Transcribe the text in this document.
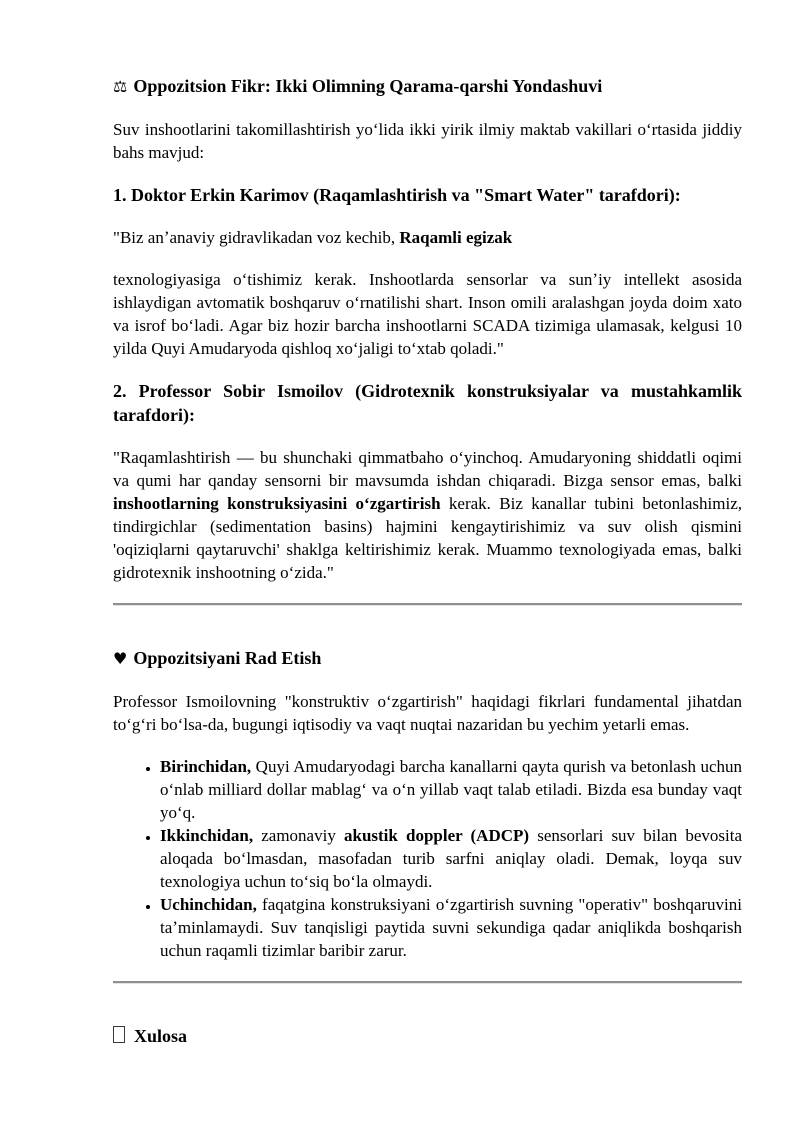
⚖ Oppozitsion Fikr: Ikki Olimning Qarama-qarshi Yondashuvi

Suv inshootlarini takomillashtirish yoʻlida ikki yirik ilmiy maktab vakillari oʻrtasida jiddiy bahs mavjud:

1. Doktor Erkin Karimov (Raqamlashtirish va "Smart Water" tarafdori):

"Biz anʼanaviy gidravlikadan voz kechib, Raqamli egizak

texnologiyasiga oʻtishimiz kerak. Inshootlarda sensorlar va sunʼiy intellekt asosida ishlaydigan avtomatik boshqaruv oʻrnatilishi shart. Inson omili aralashgan joyda doim xato va isrof boʻladi. Agar biz hozir barcha inshootlarni SCADA tizimiga ulamasak, kelgusi 10 yilda Quyi Amudaryoda qishloq xoʻjaligi toʻxtab qoladi."

2. Professor Sobir Ismoilov (Gidrotexnik konstruksiyalar va mustahkamlik tarafdori):

"Raqamlashtirish — bu shunchaki qimmatbaho oʻyinchoq. Amudaryoning shiddatli oqimi va qumi har qanday sensorni bir mavsumda ishdan chiqaradi. Bizga sensor emas, balki inshootlarning konstruksiyasini oʻzgartirish kerak. Biz kanallar tubini betonlashimiz, tindirgichlar (sedimentation basins) hajmini kengaytirishimiz va suv olish qismini 'oqiziqlarni qaytaruvchi' shaklga keltirishimiz kerak. Muammo texnologiyada emas, balki gidrotexnik inshootning oʻzida."

♥ Oppozitsiyani Rad Etish

Professor Ismoilovning "konstruktiv oʻzgartirish" haqidagi fikrlari fundamental jihatdan toʻgʻri boʻlsa-da, bugungi iqtisodiy va vaqt nuqtai nazaridan bu yechim yetarli emas.

• Birinchidan, Quyi Amudaryodagi barcha kanallarni qayta qurish va betonlash uchun oʻnlab milliard dollar mablagʻ va oʻn yillab vaqt talab etiladi. Bizda esa bunday vaqt yoʻq.
• Ikkinchidan, zamonaviy akustik doppler (ADCP) sensorlari suv bilan bevosita aloqada boʻlmasdan, masofadan turib sarfni aniqlay oladi. Demak, loyqa suv texnologiya uchun toʻsiq boʻla olmaydi.
• Uchinchidan, faqatgina konstruksiyani oʻzgartirish suvning "operativ" boshqaruvini taʼminlamaydi. Suv tanqisligi paytida suvni sekundiga qadar aniqlikda boshqarish uchun raqamli tizimlar baribir zarur.
Xulosa
